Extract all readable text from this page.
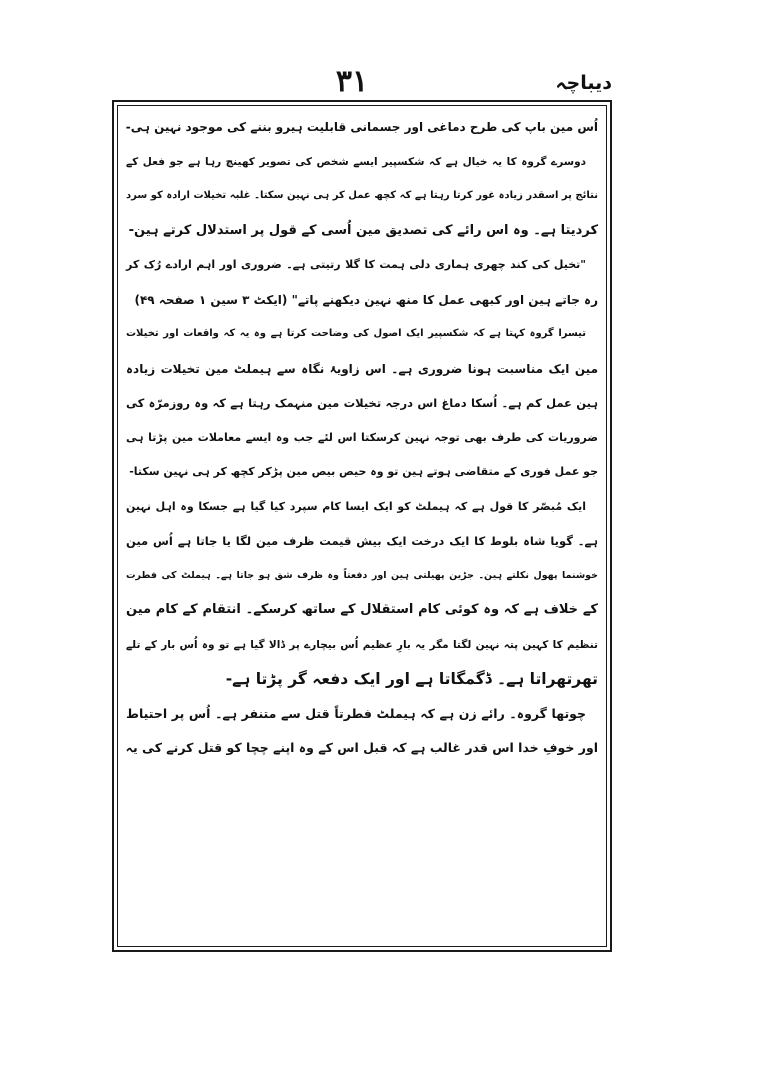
۳۱	دیباچہ
اُس مین باپ کی طرح دماغی اور جسمانی قابلیت ہیرو بننے کی موجود نہین ہی-
دوسرے گروہ کا یہ خیال ہے کہ شکسپیر ایسے شخص کی تصویر کھینچ رہا ہے جو فعل کے
نتائج پر اسقدر زیادہ غور کرتا رہتا ہے کہ کچھ عمل کر ہی نہین سکتا۔ غلبہ تخیلات ارادہ کو سرد
کردیتا ہے۔ وہ اس رائے کی تصدیق مین اُسی کے قول پر استدلال کرتے ہین-
"تخیل کی کند چھری ہماری دلی ہمت کا گلا رتیتی ہے۔ ضروری اور اہم ارادے رُک کر
رہ جاتے ہین اور کبھی عمل کا منھ نہین دیکھنے پاتے" (ایکٹ ۳ سین ۱ صفحہ ۴۹)
تیسرا گروہ کہتا ہے کہ شکسپیر ایک اصول کی وضاحت کرتا ہے وہ یہ کہ واقعات اور تخیلات
مین ایک مناسبت ہونا ضروری ہے۔ اس زاویۂ نگاہ سے ہیملٹ مین تخیلات زیادہ
ہین عمل کم ہے۔ اُسکا دماغ اس درجہ تخیلات مین منہمک رہتا ہے کہ وہ روزمرّہ کی
ضروریات کی طرف بھی توجہ نہین کرسکتا اس لئے جب وہ ایسے معاملات مین پڑتا ہی
جو عمل فوری کے متقاضی ہوتے ہین تو وہ حیص بیص مین پڑکر کچھ کر ہی نہین سکتا-
ایک مُبصّر کا قول ہے کہ ہیملٹ کو ایک ایسا کام سپرد کیا گیا ہے جسکا وہ اہل نہین
ہے۔ گویا شاہ بلوط کا ایک درخت ایک بیش قیمت ظرف مین لگا یا جاتا ہے اُس مین
خوشنما پھول نکلتے ہین۔ جڑین پھیلتی ہین اور دفعتاً وہ ظرف شق ہو جاتا ہے۔ ہیملٹ کی فطرت
کے خلاف ہے کہ وہ کوئی کام استقلال کے ساتھ کرسکے۔ انتقام کے کام مین
تنظیم کا کہین پتہ نہین لگتا مگر یہ بارِ عظیم اُس بیچارے پر ڈالا گیا ہے تو وہ اُس بار کے تلے
تھرتھراتا ہے۔ ڈگمگاتا ہے اور ایک دفعہ گر پڑتا ہے-
چوتھا گروہ۔ رائے زن ہے کہ ہیملٹ فطرتاً قتل سے متنفر ہے۔ اُس پر احتیاط
اور خوفِ خدا اس قدر غالب ہے کہ قبل اس کے وہ اپنے چچا کو قتل کرنے کی یہ
